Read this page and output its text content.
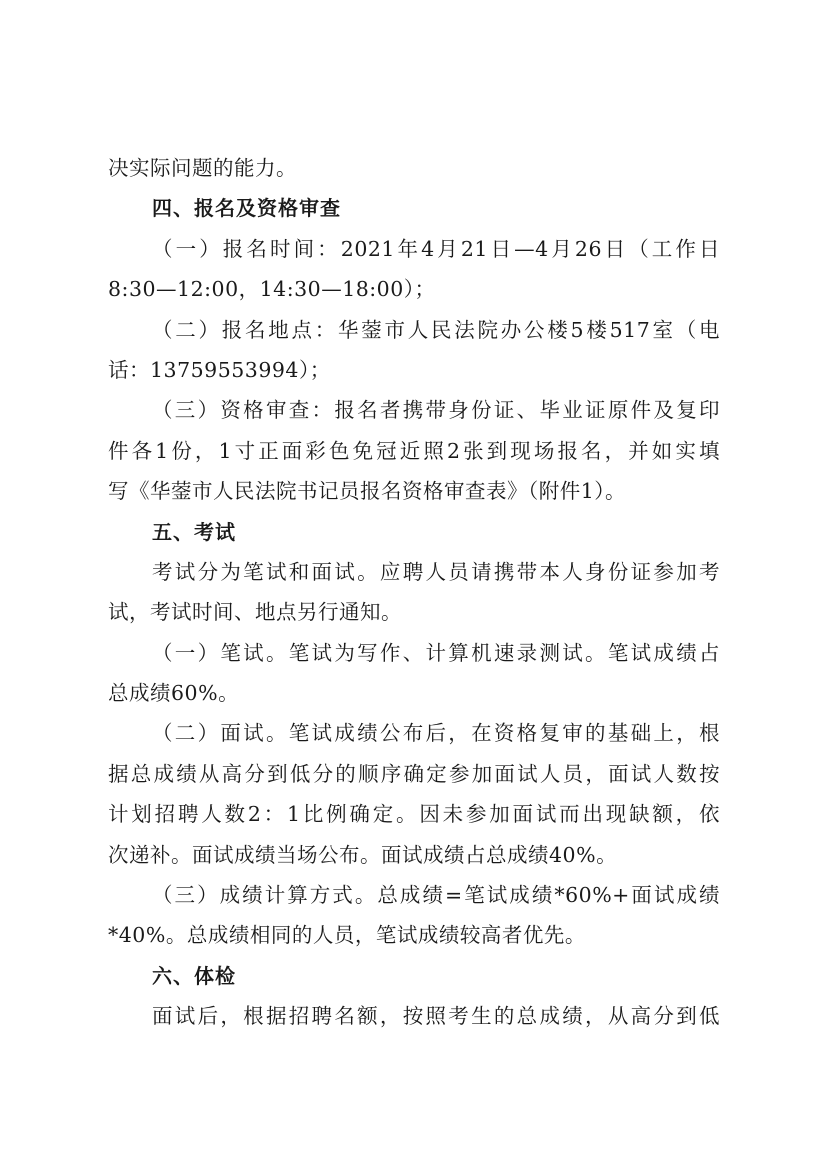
决实际问题的能力。
四、报名及资格审查
（一）报名时间：2021年4月21日—4月26日（工作日
8:30—12:00，14:30—18:00）；
（二）报名地点：华蓥市人民法院办公楼5楼517室（电
话：13759553994）；
（三）资格审查：报名者携带身份证、毕业证原件及复印
件各1份，1寸正面彩色免冠近照2张到现场报名，并如实填
写《华蓥市人民法院书记员报名资格审查表》（附件1）。
五、考试
考试分为笔试和面试。应聘人员请携带本人身份证参加考
试，考试时间、地点另行通知。
（一）笔试。笔试为写作、计算机速录测试。笔试成绩占
总成绩60%。
（二）面试。笔试成绩公布后，在资格复审的基础上，根
据总成绩从高分到低分的顺序确定参加面试人员，面试人数按
计划招聘人数2：1比例确定。因未参加面试而出现缺额，依
次递补。面试成绩当场公布。面试成绩占总成绩40%。
（三）成绩计算方式。总成绩=笔试成绩*60%+面试成绩
*40%。总成绩相同的人员，笔试成绩较高者优先。
六、体检
面试后，根据招聘名额，按照考生的总成绩，从高分到低
